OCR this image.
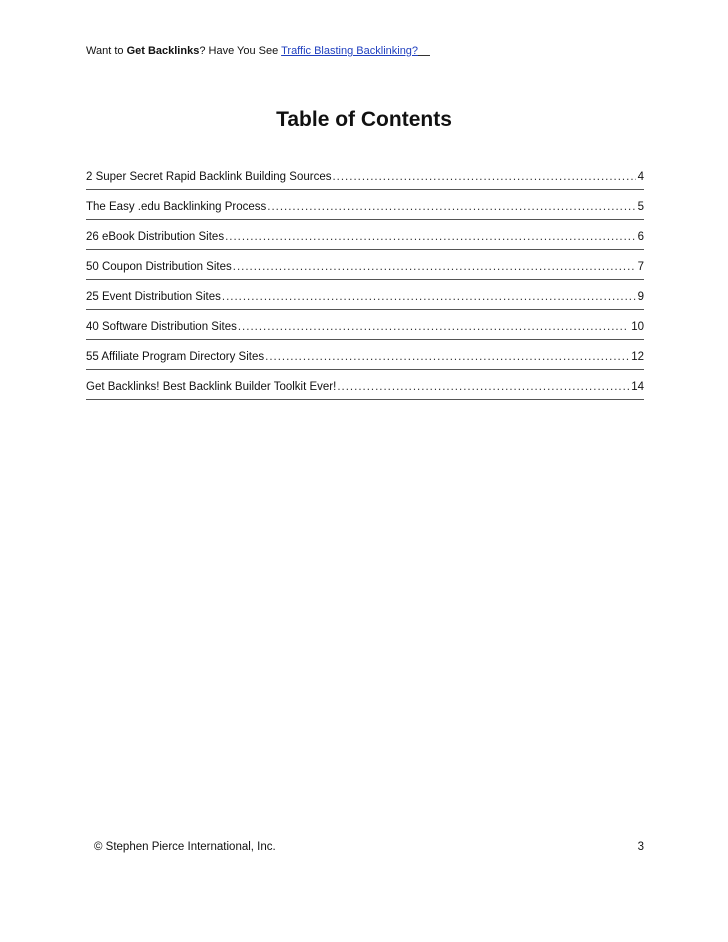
Want to Get Backlinks? Have You See Traffic Blasting Backlinking?
Table of Contents
2 Super Secret Rapid Backlink Building Sources .....	4
The Easy .edu Backlinking Process .....	5
26 eBook Distribution Sites .....	6
50 Coupon Distribution Sites .....	7
25 Event Distribution Sites .....	9
40 Software Distribution Sites .....	10
55 Affiliate Program Directory Sites .....	12
Get Backlinks! Best Backlink Builder Toolkit Ever! .....	14
© Stephen Pierce International, Inc.	3
